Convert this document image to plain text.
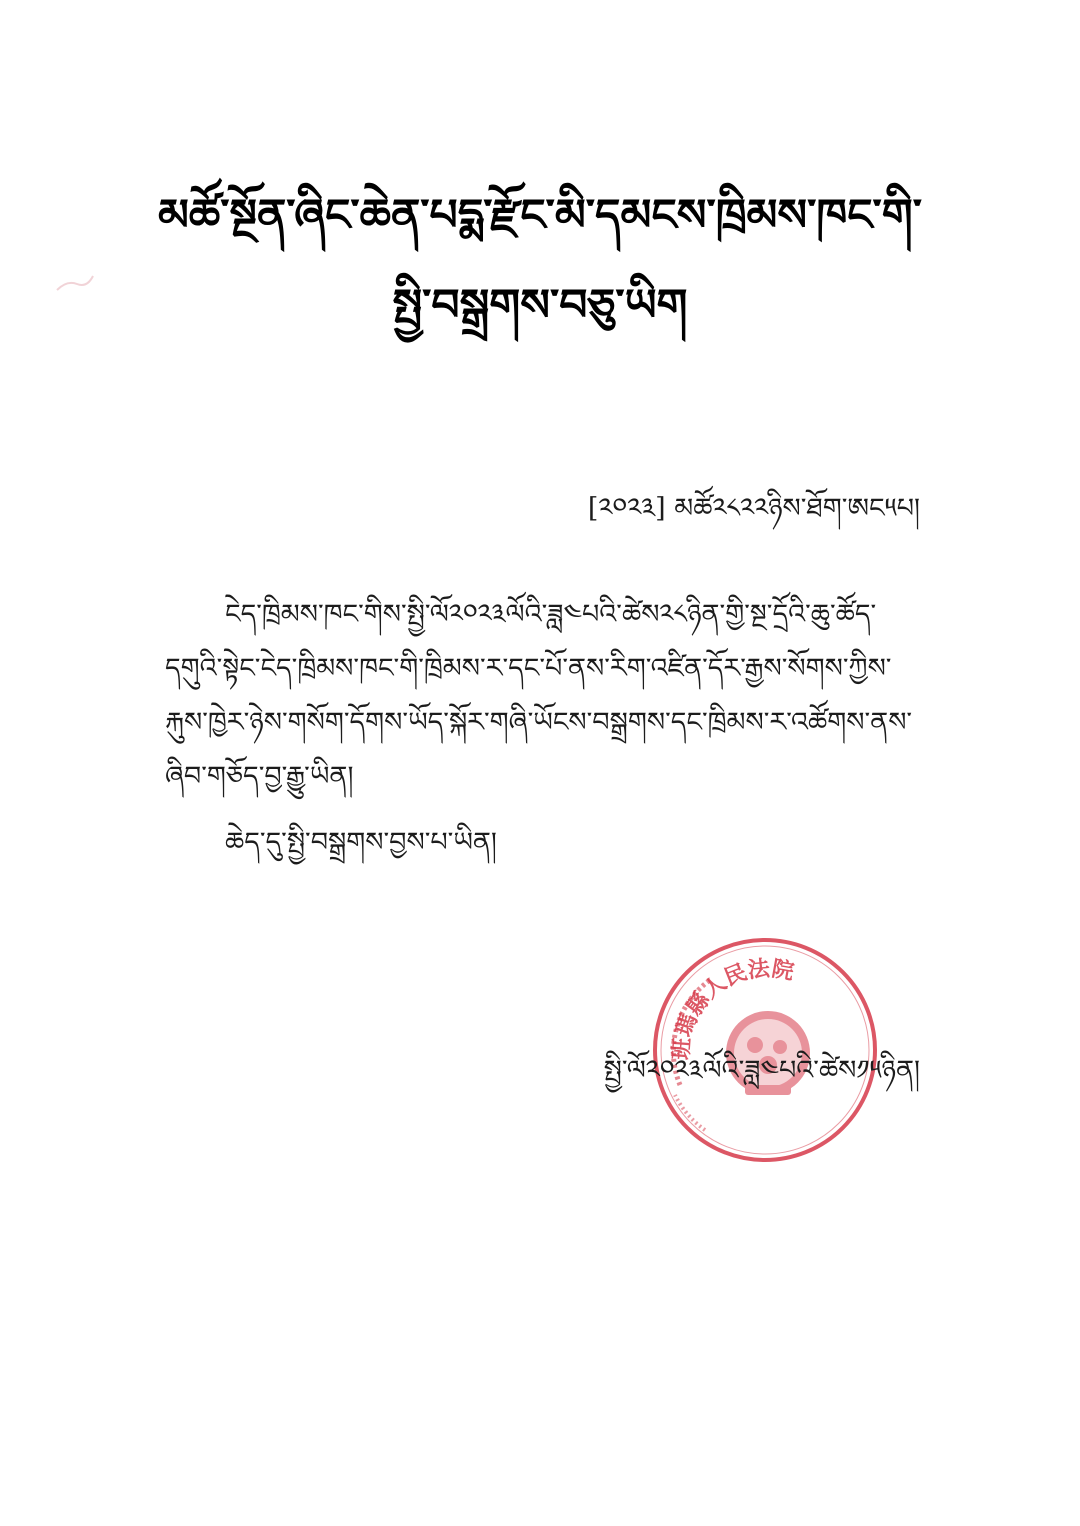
མཚོ་སྔོན་ཞིང་ཆེན་པདྨ་རྫོང་མི་དམངས་ཁྲིམས་ཁང་གི་
སྤྱི་བསྒྲགས་བཅུ་ཡིག
[༢༠༢༣] མཚོ༢༨༢༢ཉིས་ཐོག་ཨང༥པ།
ངེད་ཁྲིམས་ཁང་གིས་སྤྱི་ལོ༢༠༢༣ལོའི་ཟླ༤པའི་ཚེས༢༨ཉིན་གྱི་སྔ་དྲོའི་ཆུ་ཚོད་
དགུའི་སྟེང་ངེད་ཁྲིམས་ཁང་གི་ཁྲིམས་ར་དང་པོ་ནས་རིག་འཛིན་དོར་རྒྱས་སོགས་ཀྱིས་
རྐུས་ཁྱེར་ཉེས་གསོག་དོགས་ཡོད་སྐོར་གཞི་ཡོངས་བསྒྲགས་དང་ཁྲིམས་ར་འཚོགས་ནས་
ཞིབ་གཅོད་བྱ་རྒྱུ་ཡིན།
ཆེད་དུ་སྤྱི་བསྒྲགས་བྱས་པ་ཡིན།
班瑪縣人民法院
སྤྱི་ལོ༢༠༢༣ལོའི་ཟླ༤པའི་ཚེས༡༥ཉིན།
